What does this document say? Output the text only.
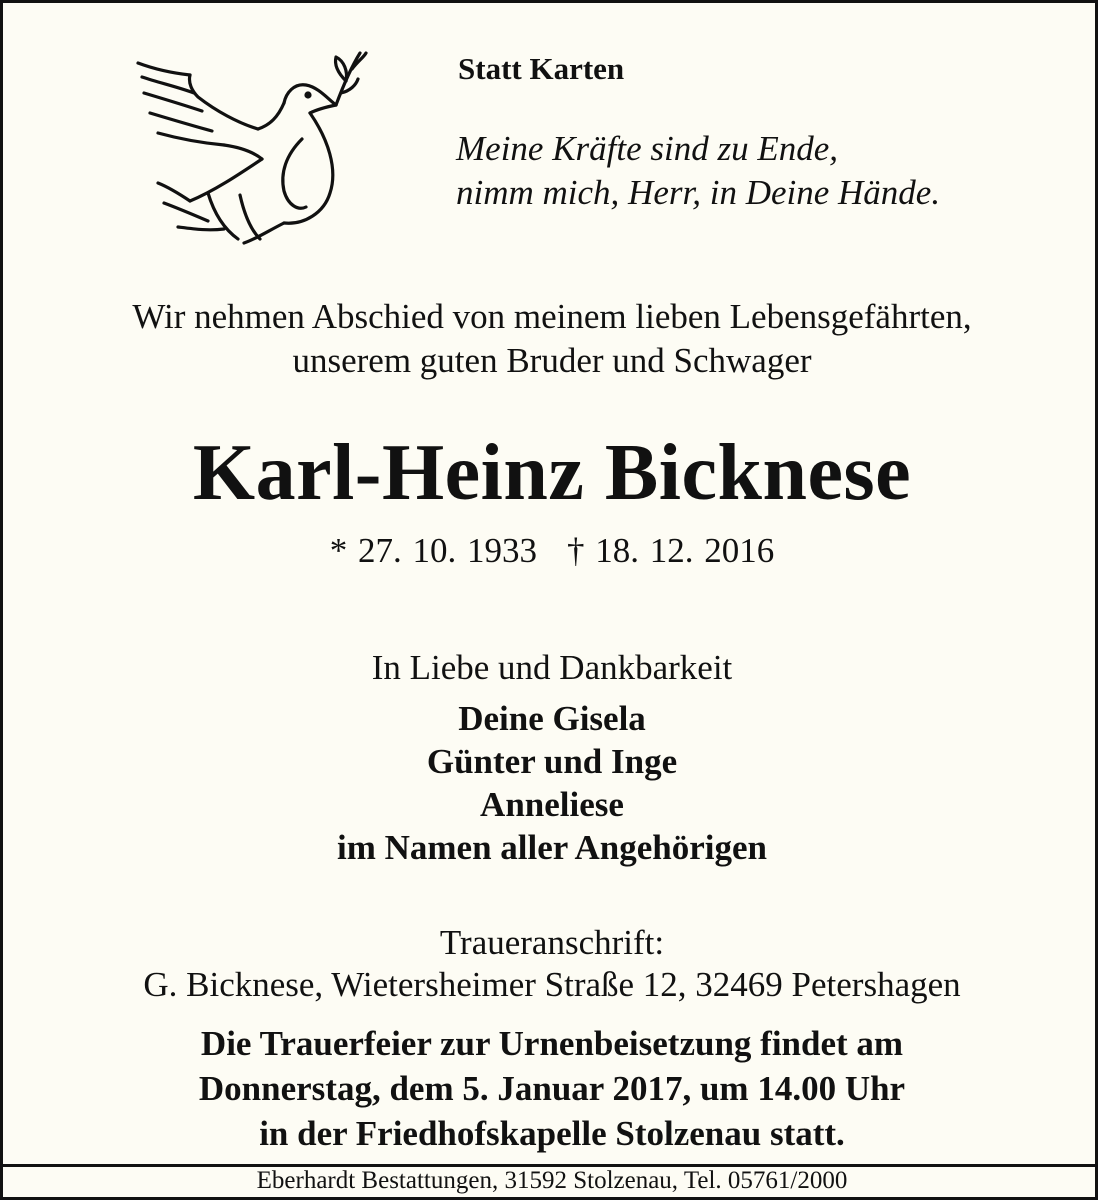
Statt Karten
Meine Kräfte sind zu Ende,
nimm mich, Herr, in Deine Hände.
Wir nehmen Abschied von meinem lieben Lebensgefährten,
unserem guten Bruder und Schwager
Karl-Heinz Bicknese
* 27. 10. 1933 † 18. 12. 2016
In Liebe und Dankbarkeit
Deine Gisela
Günter und Inge
Anneliese
im Namen aller Angehörigen
Traueranschrift:
G. Bicknese, Wietersheimer Straße 12, 32469 Petershagen
Die Trauerfeier zur Urnenbeisetzung findet am
Donnerstag, dem 5. Januar 2017, um 14.00 Uhr
in der Friedhofskapelle Stolzenau statt.
Eberhardt Bestattungen, 31592 Stolzenau, Tel. 05761/2000
